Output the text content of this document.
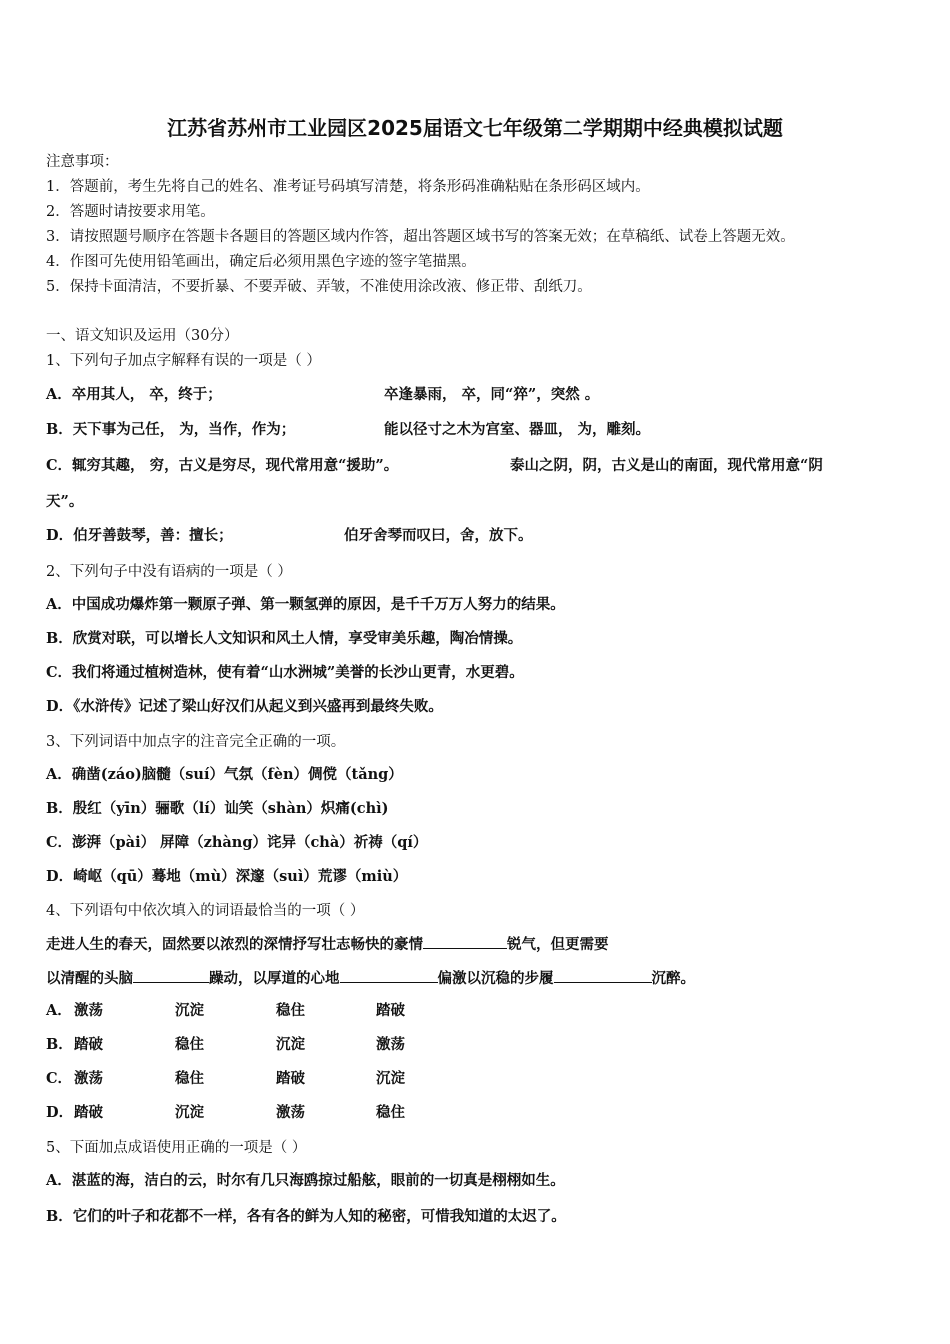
江苏省苏州市工业园区2025届语文七年级第二学期期中经典模拟试题
注意事项：
1．答题前，考生先将自己的姓名、准考证号码填写清楚，将条形码准确粘贴在条形码区域内。
2．答题时请按要求用笔。
3．请按照题号顺序在答题卡各题目的答题区域内作答，超出答题区域书写的答案无效；在草稿纸、试卷上答题无效。
4．作图可先使用铅笔画出，确定后必须用黑色字迹的签字笔描黑。
5．保持卡面清洁，不要折暴、不要弄破、弄皱，不准使用涂改液、修正带、刮纸刀。
一、语文知识及运用（30分）
1、下列句子加点字解释有误的一项是（ ）
A．卒用其人， 卒，终于；	卒逢暴雨， 卒，同“猝”，突然 。
B．天下事为己任， 为，当作，作为；	能以径寸之木为宫室、器皿， 为，雕刻。
C．辄穷其趣， 穷，古义是穷尽，现代常用意“援助”。	泰山之阴，阴，古义是山的南面，现代常用意“阴
天”。
D．伯牙善鼓琴，善：擅长；	伯牙舍琴而叹曰，舍，放下。
2、下列句子中没有语病的一项是（ ）
A．中国成功爆炸第一颗原子弹、第一颗氢弹的原因，是千千万万人努力的结果。
B．欣赏对联，可以增长人文知识和风土人情，享受审美乐趣，陶冶情操。
C．我们将通过植树造林，使有着“山水洲城”美誉的长沙山更青，水更碧。
D．《水浒传》记述了梁山好汉们从起义到兴盛再到最终失败。
3、下列词语中加点字的注音完全正确的一项。
A．确凿(záo)脑髓（suí）气氛（fèn）倜傥（tǎng）
B．殷红（yīn）骊歌（lí）讪笑（shàn）炽痛(chì)
C．澎湃（pài） 屏障（zhàng）诧异（chà）祈祷（qí）
D．崎岖（qū）蓦地（mù）深邃（suì）荒谬（miù）
4、下列语句中依次填入的词语最恰当的一项（ ）
走进人生的春天，固然要以浓烈的深情抒写壮志畅快的豪情	锐气，但更需要
以清醒的头脑	躁动，以厚道的心地	偏激以沉稳的步履	沉醉。
A． 激荡	沉淀	稳住	踏破
B．踏破	稳住	沉淀	激荡
C． 激荡	稳住	踏破	沉淀
D．踏破	沉淀	激荡	稳住
5、下面加点成语使用正确的一项是（ ）
A．湛蓝的海，洁白的云，时尔有几只海鸥掠过船舷，眼前的一切真是栩栩如生。
B．它们的叶子和花都不一样，各有各的鲜为人知的秘密，可惜我知道的太迟了。
